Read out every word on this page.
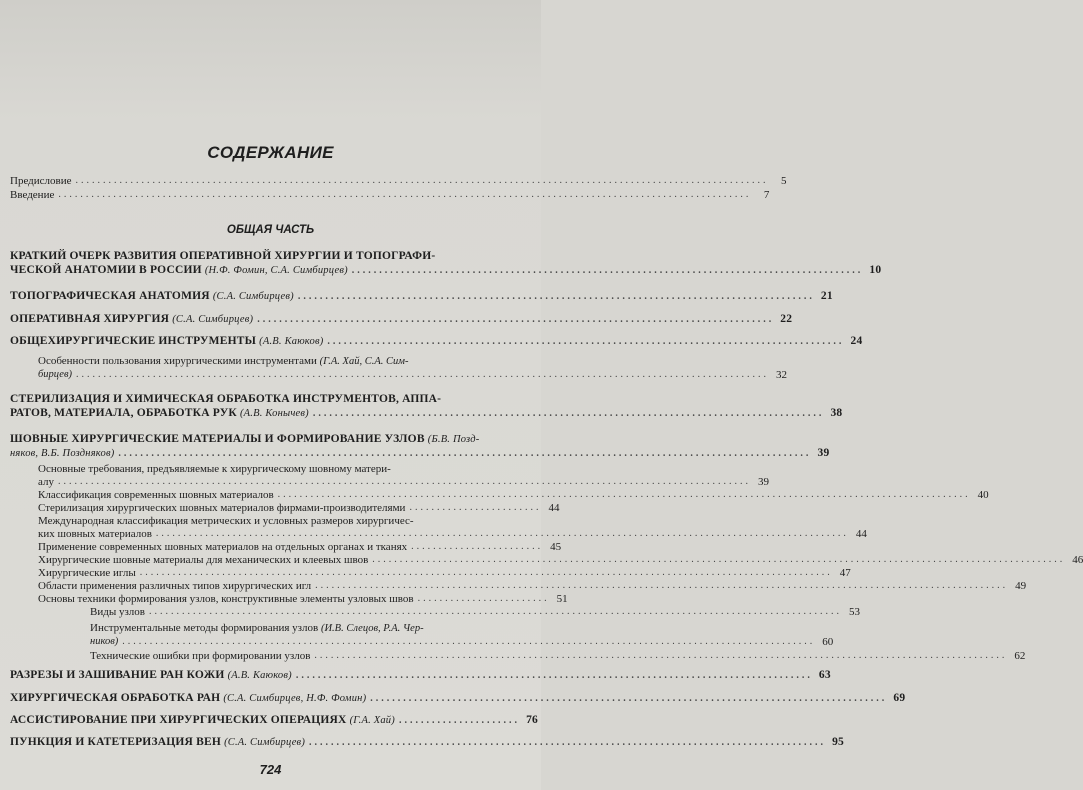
СОДЕРЖАНИЕ
ОБЩАЯ ЧАСТЬ
Предисловие ..............................................................................................................................	5
Введение ..............................................................................................................................	7
КРАТКИЙ ОЧЕРК РАЗВИТИЯ ОПЕРАТИВНОЙ ХИРУРГИИ И ТОПОГРАФИ-
ЧЕСКОЙ АНАТОМИИ В РОССИИ
(Н.Ф. Фомин, С.А. Симбирцев) ............................................................................................. 10
ТОПОГРАФИЧЕСКАЯ АНАТОМИЯ
(С.А. Симбирцев) .............................................................................................. 21
ОПЕРАТИВНАЯ ХИРУРГИЯ
(С.А. Симбирцев) .............................................................................................. 22
ОБЩЕХИРУРГИЧЕСКИЕ ИНСТРУМЕНТЫ
(А.В. Каюков) .............................................................................................. 24
Особенности пользования хирургическими инструментами (Г.А. Хай, С.А. Сим-
бирцев) .............................................................................................................................. 32
СТЕРИЛИЗАЦИЯ И ХИМИЧЕСКАЯ ОБРАБОТКА ИНСТРУМЕНТОВ, АППА-
РАТОВ, МАТЕРИАЛА, ОБРАБОТКА РУК
(А.В. Конычев) ............................................................................................. 38
ШОВНЫЕ ХИРУРГИЧЕСКИЕ МАТЕРИАЛЫ И ФОРМИРОВАНИЕ УЗЛОВ (Б.В. Позд-
няков, В.Б. Поздняков) .............................................................................................................................. 39
Основные требования, предъявляемые к хирургическому шовному матери-
алу .............................................................................................................................. 39
Классификация современных шовных материалов .............................................................................................................................. 40
Стерилизация хирургических шовных материалов фирмами-производителями ........................ 44
Международная классификация метрических и условных размеров хирургичес-
ких шовных материалов .............................................................................................................................. 44
Применение современных шовных материалов на отдельных органах и тканях ........................ 45
Хирургические шовные материалы для механических и клеевых швов .............................................................................................................................. 46
Хирургические иглы .............................................................................................................................. 47
Области применения различных типов хирургических игл .............................................................................................................................. 49
Основы техники формирования узлов, конструктивные элементы узловых швов ........................ 51
Виды узлов .............................................................................................................................. 53
Инструментальные методы формирования узлов (И.В. Слецов, Р.А. Чер-
ников) .............................................................................................................................. 60
Технические ошибки при формировании узлов .............................................................................................................................. 62
РАЗРЕЗЫ И ЗАШИВАНИЕ РАН КОЖИ
(А.В. Каюков) .............................................................................................. 63
ХИРУРГИЧЕСКАЯ ОБРАБОТКА РАН
(С.А. Симбирцев, Н.Ф. Фомин) .............................................................................................. 69
АССИСТИРОВАНИЕ ПРИ ХИРУРГИЧЕСКИХ ОПЕРАЦИЯХ
(Г.А. Хай) ...................... 76
ПУНКЦИЯ И КАТЕТЕРИЗАЦИЯ ВЕН
(С.А. Симбирцев) .............................................................................................. 95
724
